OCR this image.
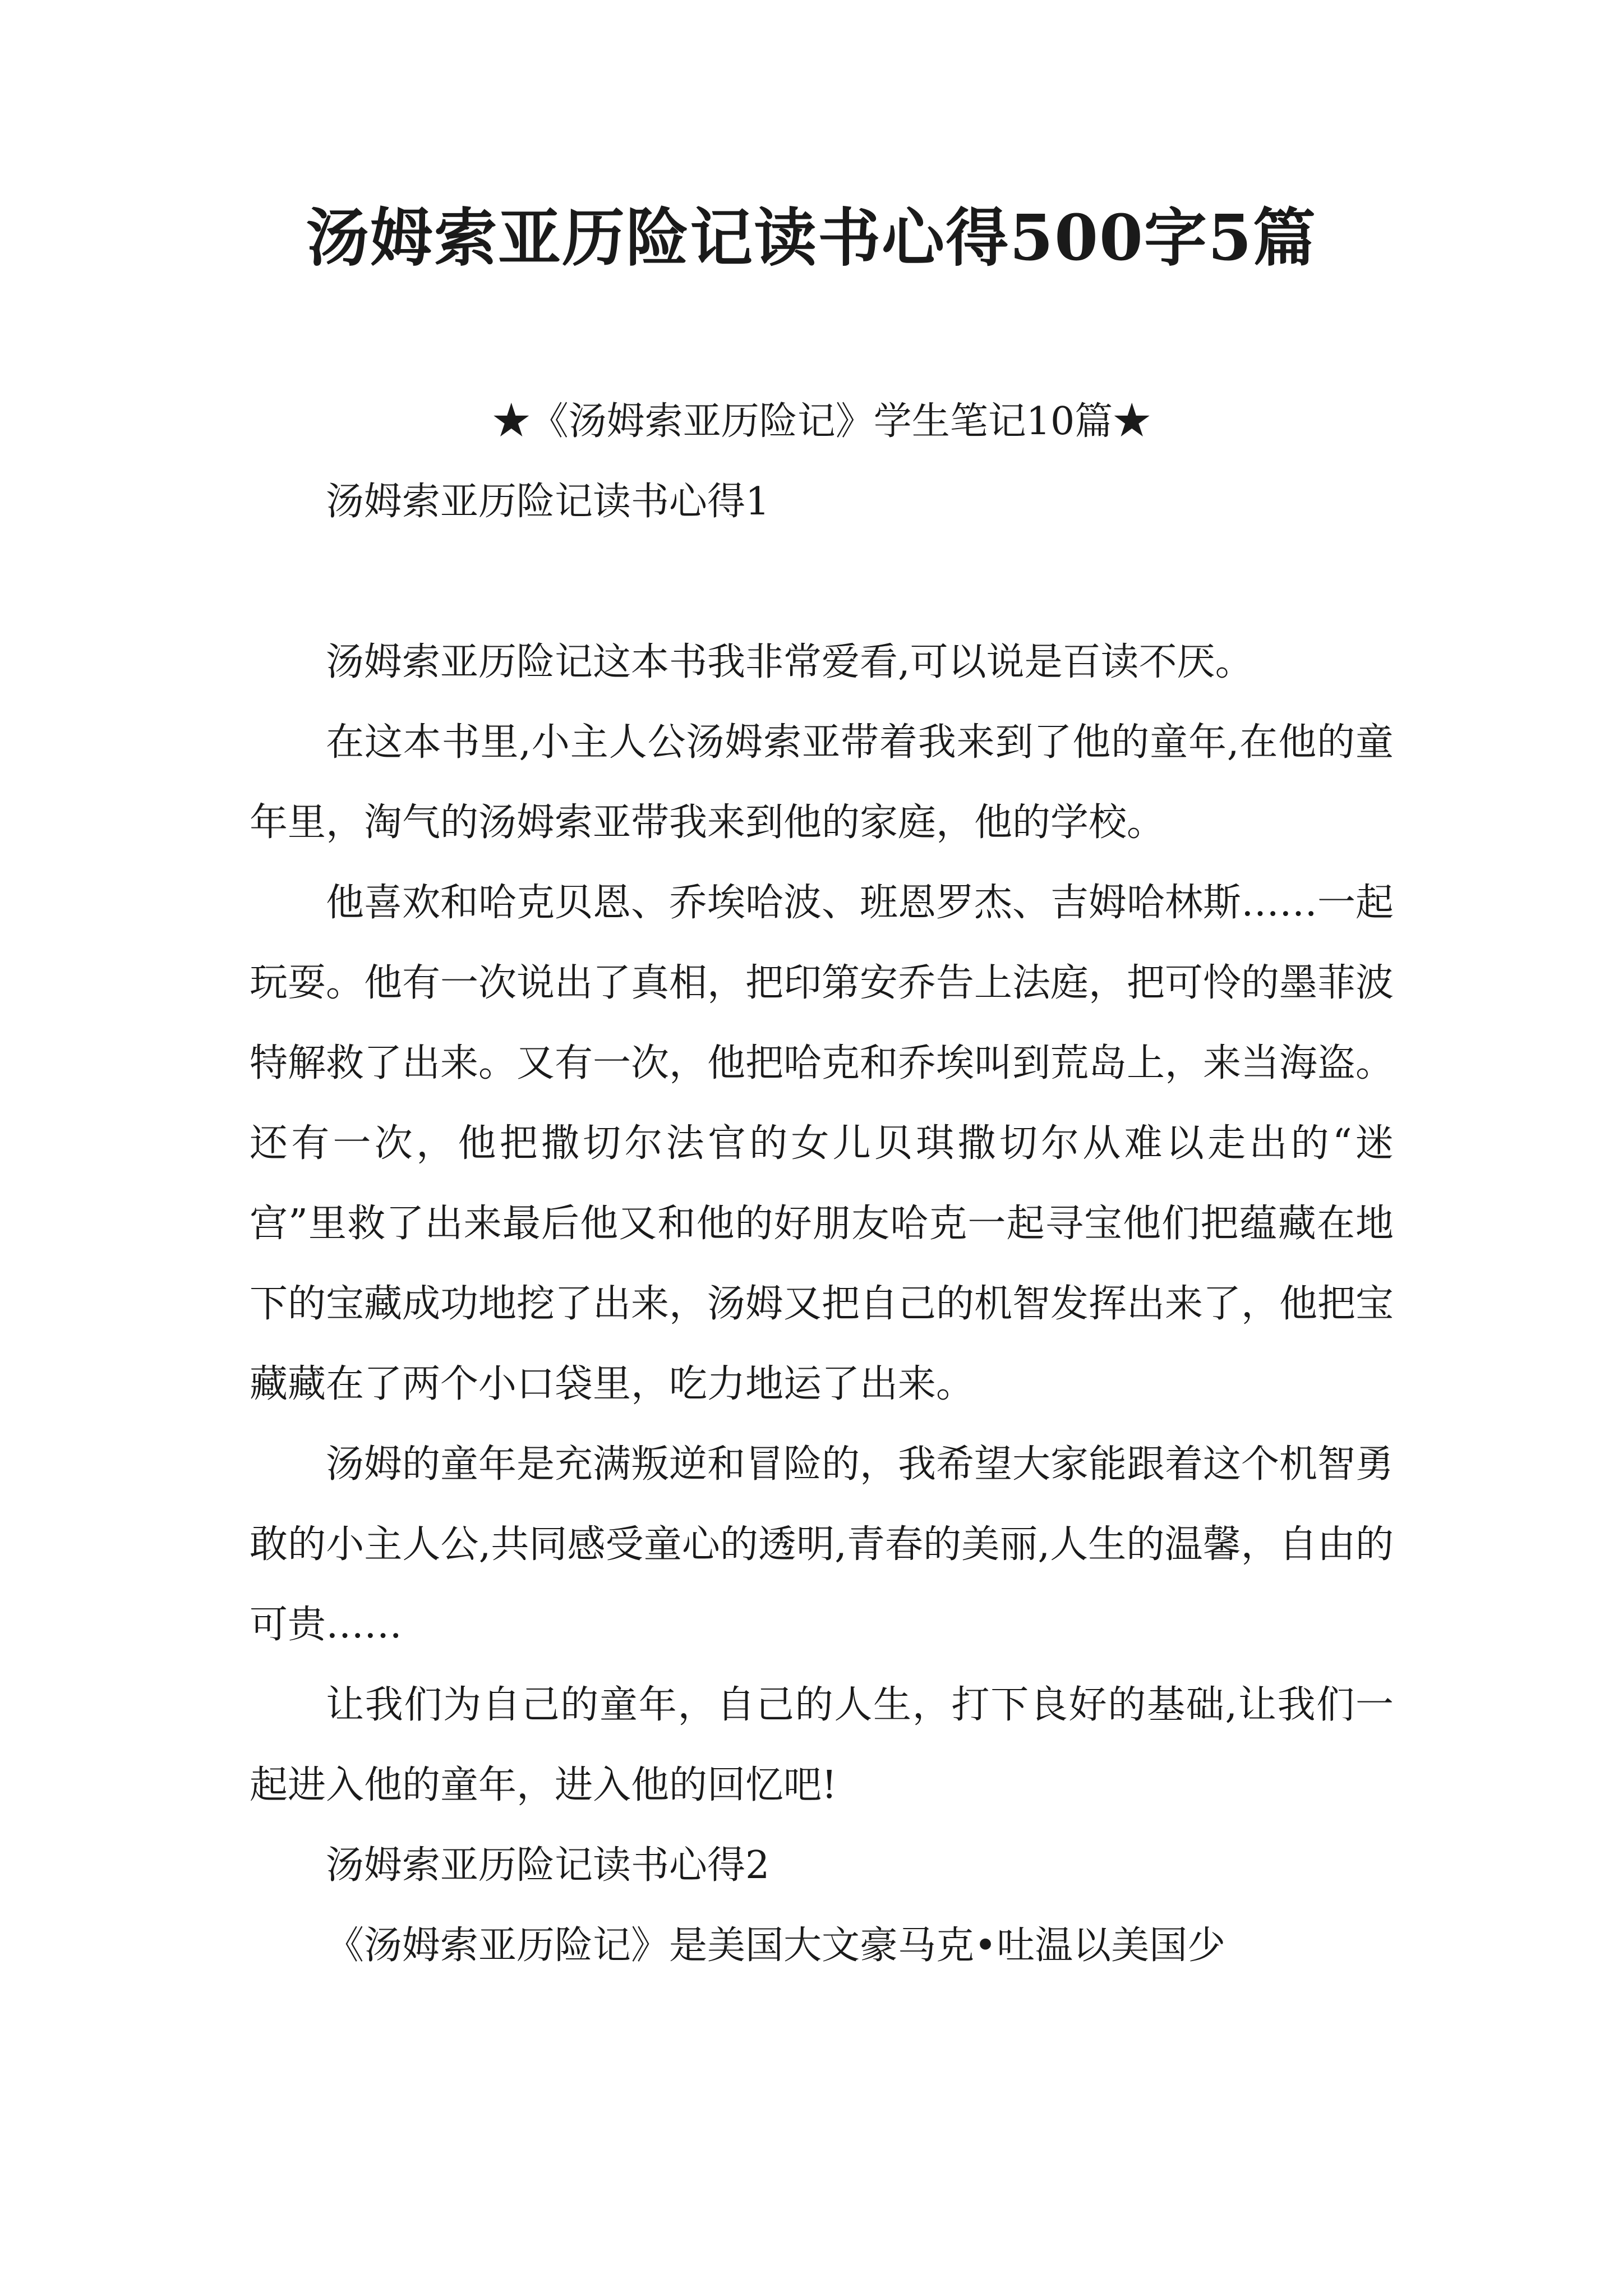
汤姆索亚历险记读书心得500字5篇

★《汤姆索亚历险记》学生笔记10篇★

汤姆索亚历险记读书心得1

汤姆索亚历险记这本书我非常爱看,可以说是百读不厌。

在这本书里,小主人公汤姆索亚带着我来到了他的童年,在他的童年里，淘气的汤姆索亚带我来到他的家庭，他的学校。

他喜欢和哈克贝恩、乔埃哈波、班恩罗杰、吉姆哈林斯……一起玩耍。他有一次说出了真相，把印第安乔告上法庭，把可怜的墨菲波特解救了出来。又有一次，他把哈克和乔埃叫到荒岛上，来当海盗。还有一次，他把撒切尔法官的女儿贝琪撒切尔从难以走出的“迷宫”里救了出来最后他又和他的好朋友哈克一起寻宝他们把蕴藏在地下的宝藏成功地挖了出来，汤姆又把自己的机智发挥出来了，他把宝藏藏在了两个小口袋里，吃力地运了出来。

汤姆的童年是充满叛逆和冒险的，我希望大家能跟着这个机智勇敢的小主人公,共同感受童心的透明,青春的美丽,人生的温馨，自由的可贵……

让我们为自己的童年，自己的人生，打下良好的基础,让我们一起进入他的童年，进入他的回忆吧!

汤姆索亚历险记读书心得2

《汤姆索亚历险记》是美国大文豪马克•吐温以美国少
